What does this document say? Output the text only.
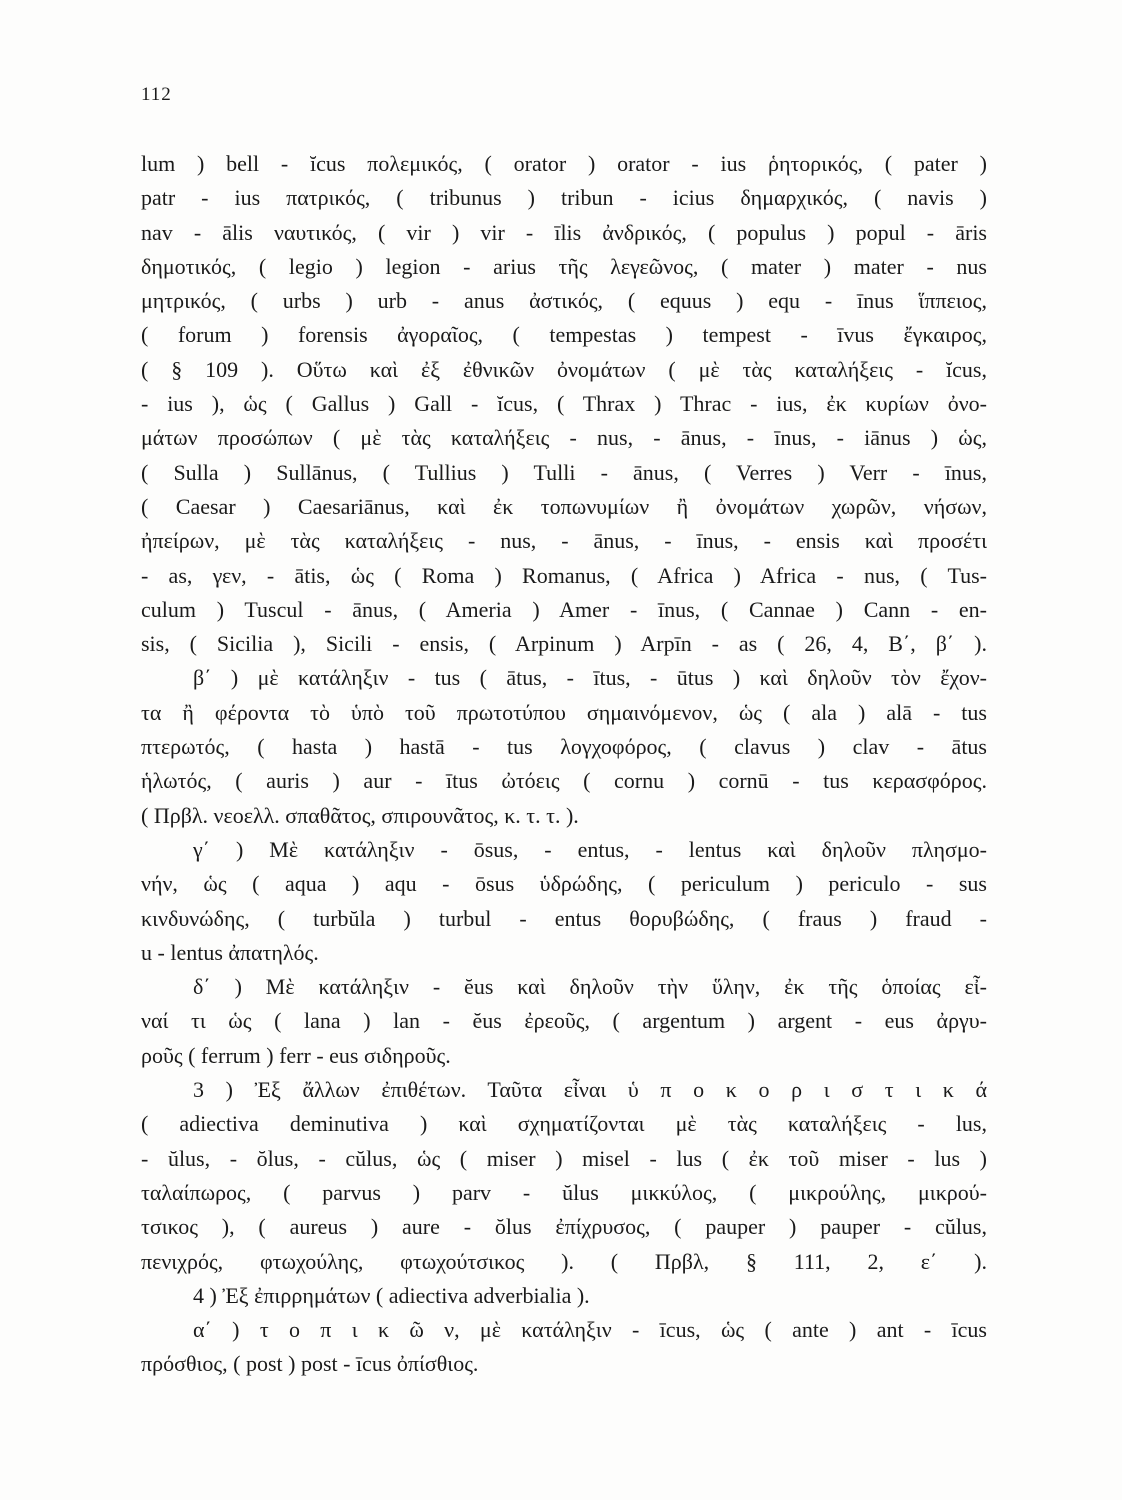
112
lum ) bell - ĭcus πολεμικός, ( orator ) orator - ius ῥητορικός, ( pater )
patr - ius πατρικός, ( tribunus ) tribun - icius δημαρχικός, ( navis )
nav - ālis ναυτικός, ( vir ) vir - īlis ἀνδρικός, ( populus ) popul - āris
δημοτικός, ( legio ) legion - arius τῆς λεγεῶνος, ( mater ) mater - nus
μητρικός, ( urbs ) urb - anus ἀστικός, ( equus ) equ - īnus ἵππειος,
( forum ) forensis ἀγοραῖος, ( tempestas ) tempest - īvus ἔγκαιρος,
( § 109 ). Οὕτω καὶ ἐξ ἐθνικῶν ὀνομάτων ( μὲ τὰς καταλήξεις - ĭcus,
- ius ), ὡς ( Gallus ) Gall - ĭcus, ( Thrax ) Thrac - ius, ἐκ κυρίων ὀνο-
μάτων προσώπων ( μὲ τὰς καταλήξεις - nus, - ānus, - īnus, - iānus ) ὡς,
( Sulla ) Sullānus, ( Tullius ) Tulli - ānus, ( Verres ) Verr - īnus,
( Caesar ) Caesariānus, καὶ ἐκ τοπωνυμίων ἢ ὀνομάτων χωρῶν, νήσων,
ἠπείρων, μὲ τὰς καταλήξεις - nus, - ānus, - īnus, - ensis καὶ προσέτι
- as, γεν, - ātis, ὡς ( Roma ) Romanus, ( Africa ) Africa - nus, ( Tus-
culum ) Tuscul - ānus, ( Ameria ) Amer - īnus, ( Cannae ) Cann - en-
sis, ( Sicilia ), Sicili - ensis, ( Arpinum ) Arpīn - as ( 26, 4, Β΄, β΄ ).
β΄ ) μὲ κατάληξιν - tus ( ātus, - ītus, - ūtus ) καὶ δηλοῦν τὸν ἔχον-
τα ἢ φέροντα τὸ ὑπὸ τοῦ πρωτοτύπου σημαινόμενον, ὡς ( ala ) alā - tus
πτερωτός, ( hasta ) hastā - tus λογχοφόρος, ( clavus ) clav - ātus
ἡλωτός, ( auris ) aur - ītus ὠτόεις ( cornu ) cornū - tus κερασφόρος.
( Πρβλ. νεοελλ. σπαθᾶτος, σπιρουνᾶτος, κ. τ. τ. ).
γ΄ ) Μὲ κατάληξιν - ōsus, - entus, - lentus καὶ δηλοῦν πλησμο-
νήν, ὡς ( aqua ) aqu - ōsus ὑδρώδης, ( periculum ) periculo - sus
κινδυνώδης, ( turbŭla ) turbul - entus θορυβώδης, ( fraus ) fraud -
u - lentus ἀπατηλός.
δ΄ ) Μὲ κατάληξιν - ĕus καὶ δηλοῦν τὴν ὕλην, ἐκ τῆς ὁποίας εἶ-
ναί τι ὡς ( lana ) lan - ĕus ἐρεοῦς, ( argentum ) argent - eus ἀργυ-
ροῦς ( ferrum ) ferr - eus σιδηροῦς.
3 ) Ἐξ ἄλλων ἐπιθέτων. Ταῦτα εἶναι ὑ π ο κ ο ρ ι σ τ ι κ ά
( adiectiva deminutiva ) καὶ σχηματίζονται μὲ τὰς καταλήξεις - lus,
- ŭlus, - ŏlus, - cŭlus, ὡς ( miser ) misel - lus ( ἐκ τοῦ miser - lus )
ταλαίπωρος, ( parvus ) parv - ŭlus μικκύλος, ( μικρούλης, μικρού-
τσικος ), ( aureus ) aure - ŏlus ἐπίχρυσος, ( pauper ) pauper - cŭlus,
πενιχρός, φτωχούλης, φτωχούτσικος ). ( Πρβλ, § 111, 2, ε΄ ).
4 ) Ἐξ ἐπιρρημάτων ( adiectiva adverbialia ).
α΄ ) τ ο π ι κ ῶ ν, μὲ κατάληξιν - īcus, ὡς ( ante ) ant - īcus
πρόσθιος, ( post ) post - īcus ὀπίσθιος.
